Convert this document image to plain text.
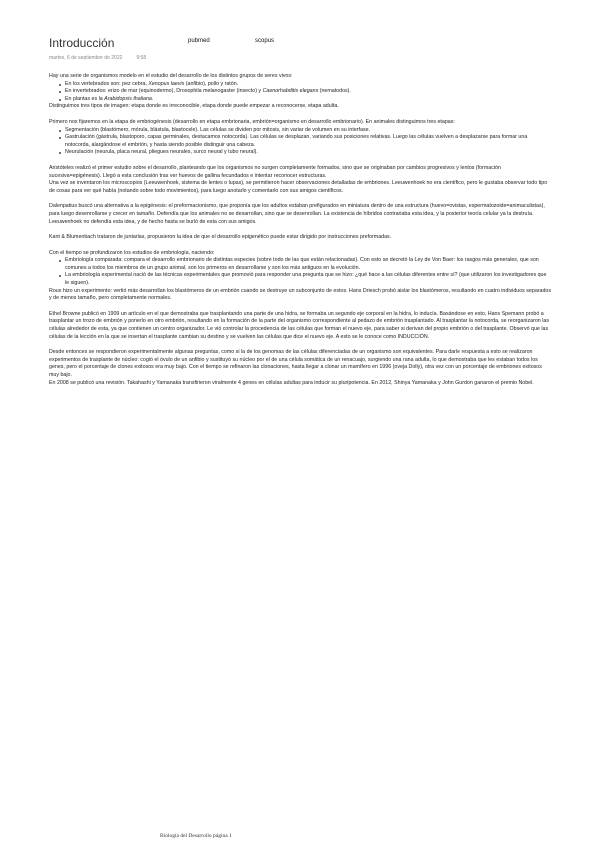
Introducción	pubmed	scopus
martes, 6 de septiembre de 2022	9:58

Hay una serie de organismos modelo en el estudio del desarrollo de los distintos grupos de seres vivos:

En los vertebrados son: pez cebra, Xenopus laevis (anfibio), pollo y ratón.
En invertebrados: erizo de mar (equinodermo), Drosophila melanogaster (insecto) y Caenorhabditis elegans (nematodos).
En plantas es la Arabidopsis thaliana.

Distinguimos tres tipos de imagen: etapa donde es irreconocible, etapa donde puede empezar a reconocerse, etapa adulta.

Primero nos fijaremos en la etapa de embriogénesis (desarrollo en etapa embrionaria, embrión=organismo en desarrollo embrionario). En animales distinguimos tres etapas:

Segmentación (blastómero, mórula, blástula, blastocele). Las células se dividen por mitosis, sin variar de volumen en su interfase.
Gastrulación (gástrula, blastoporo, capas germinales, destacamos notocorda). Las células se desplazan, variando sus posiciones relativas. Luego las células vuelven a desplazarse para formar una notocorda, alargándose el embrión, y hasta siendo posible distinguir una cabeza.
Neurulación (neurula, placa neural, pliegues neurales, surco neural y tubo neural).

Aristóteles realizó el primer estudio sobre el desarrollo, planteando que los organismos no surgen completamente formados, sino que se originaban por cambios progresivos y lentos (formación sucesiva=epigénesis). Llegó a esta conclusión tras ver huevos de gallina fecundados e intentar reconocer estructuras.

Una vez se inventaron los microscopios (Leeuwenhoek, sistema de lentes o lupas), se permitieron hacer observaciones detalladas de embriones. Leeuwenhoek no era científico, pero le gustaba observar todo tipo de cosas para ver qué había (notando sobre todo movimientos), para luego anotarlo y comentarlo con sus amigos científicos.

Dalenpatius buscó una alternativa a la epigénesis: el preformacionismo, que proponía que los adultos estaban prefigurados en miniatura dentro de una estructura (huevo=ovistas, espermatozoide=animaculistas), para luego desenrollarse y crecer en tamaño. Defendía que los animales no se desarrollan, sino que se desenrollan. La existencia de híbridos contrariaba esta idea, y la posterior teoría celular ya la destruía. Leeuwenhoek no defendía esta idea, y de hecho hasta se burló de esta con sus amigos.

Kant & Blumenbach trataron de juntarlas, propusieron la idea de que el desarrollo epigenético puede estar dirigido por instrucciones preformadas.

Con el tiempo se profundizaron los estudios de embriología, naciendo:

Embriología comparada: compara el desarrollo embrionario de distintas especies (sobre todo de las que están relacionadas). Con esto se decretó la Ley de Von Baer: los rasgos más generales, que son comunes a todos los miembros de un grupo animal, son los primeros en desarrollarse y son los más antiguos en la evolución.
La embriología experimental nació de las técnicas experimentales que promovió para responder una pregunta que se hizo: ¿qué hace a las células diferentes entre sí? (que utilizaron los investigadores que le siguen).

Roux hizo un experimento: vertió más desarrollan los blastómeros de un embrión cuando se destruye un subconjunto de estos. Hans Driesch probó aislar los blastómeros, resultando en cuatro individuos separados y de menos tamaño, pero completamente normales.

Ethel Browne publicó en 1909 un artículo en el que demostraba que trasplantando una parte de una hidra, se formaba un segundo eje corporal en la hidra, lo inducía. Basándose en esto, Hans Spemann probó a trasplantar un trozo de embrión y ponerlo en otro embrión, resultando en la formación de la parte del organismo correspondiente al pedazo de embrión trasplantado. Al trasplantar la notocorda, se reorganizaron las células alrededor de esta, ya que contienen un centro organizador. Le vió controlar la procedencia de las células que forman el nuevo eje, para saber si derivan del propio embrión o del trasplante. Observó que las células de la lección en la que se insertan el trasplante cambian su destino y se vuelven las células que dice el nuevo eje. A esto se le conoce como INDUCCIÓN.

Desde entonces se respondieron experimentalmente algunas preguntas, como si la de los genomas de las células diferenciadas de un organismo son equivalentes. Para darle respuesta a esto se realizaron experimentos de trasplante de núcleo: cogió el óvulo de un anfibio y sustituyó su núcleo por el de una célula somática de un renacuajo, surgiendo una rana adulta, lo que demostraba que les estaban todos los genes, pero el porcentaje de clones exitosos era muy bajo. Con el tiempo se refinaron las clonaciones, hasta llegar a clonar un mamífero en 1996 (oveja Dolly), otra vez con un porcentaje de embriones exitosos muy bajo.

En 2008 se publicó una revisión. Takahashi y Yamanaka transfirieron viralmente 4 genes en células adultas para inducir su pluripotencia. En 2012, Shinya Yamanaka y John Gurdon ganaron el premio Nobel.

Biología del Desarrollo página 1
